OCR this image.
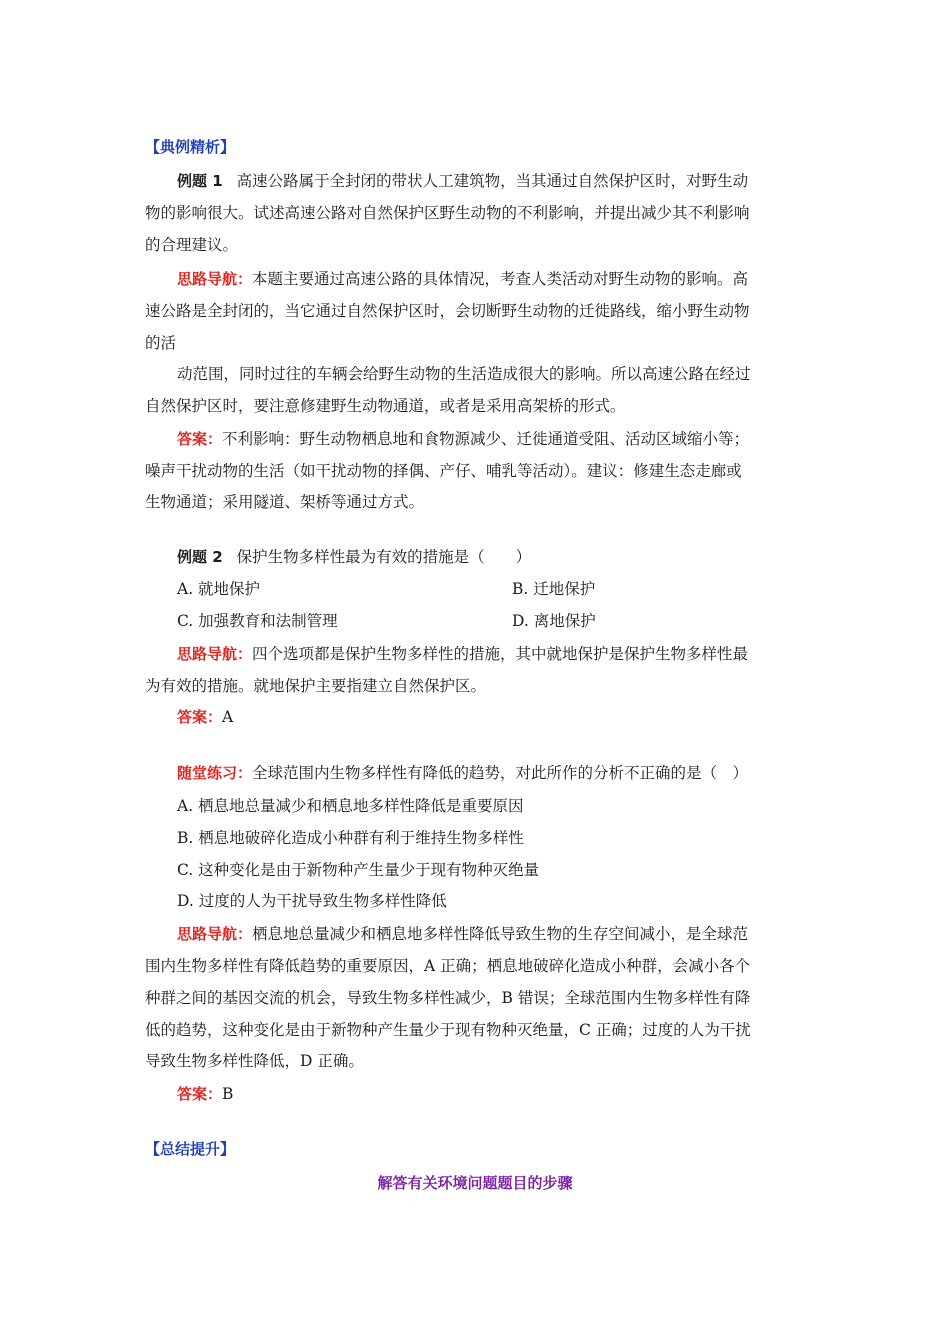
【典例精析】
例题 1 高速公路属于全封闭的带状人工建筑物，当其通过自然保护区时，对野生动
物的影响很大。试述高速公路对自然保护区野生动物的不利影响，并提出减少其不利影响
的合理建议。
思路导航：本题主要通过高速公路的具体情况，考查人类活动对野生动物的影响。高
速公路是全封闭的，当它通过自然保护区时，会切断野生动物的迁徙路线，缩小野生动物
的活
动范围，同时过往的车辆会给野生动物的生活造成很大的影响。所以高速公路在经过
自然保护区时，要注意修建野生动物通道，或者是采用高架桥的形式。
答案：不利影响：野生动物栖息地和食物源减少、迁徙通道受阻、活动区域缩小等；
噪声干扰动物的生活（如干扰动物的择偶、产仔、哺乳等活动）。建议：修建生态走廊或
生物通道；采用隧道、架桥等通过方式。
例题 2 保护生物多样性最为有效的措施是（　　）
A. 就地保护	B. 迁地保护
C. 加强教育和法制管理	D. 离地保护
思路导航：四个选项都是保护生物多样性的措施，其中就地保护是保护生物多样性最
为有效的措施。就地保护主要指建立自然保护区。
答案：A
随堂练习：全球范围内生物多样性有降低的趋势，对此所作的分析不正确的是（　）
A. 栖息地总量减少和栖息地多样性降低是重要原因
B. 栖息地破碎化造成小种群有利于维持生物多样性
C. 这种变化是由于新物种产生量少于现有物种灭绝量
D. 过度的人为干扰导致生物多样性降低
思路导航：栖息地总量减少和栖息地多样性降低导致生物的生存空间减小，是全球范
围内生物多样性有降低趋势的重要原因，A 正确；栖息地破碎化造成小种群，会减小各个
种群之间的基因交流的机会，导致生物多样性减少，B 错误；全球范围内生物多样性有降
低的趋势，这种变化是由于新物种产生量少于现有物种灭绝量，C 正确；过度的人为干扰
导致生物多样性降低，D 正确。
答案：B
【总结提升】
解答有关环境问题题目的步骤
